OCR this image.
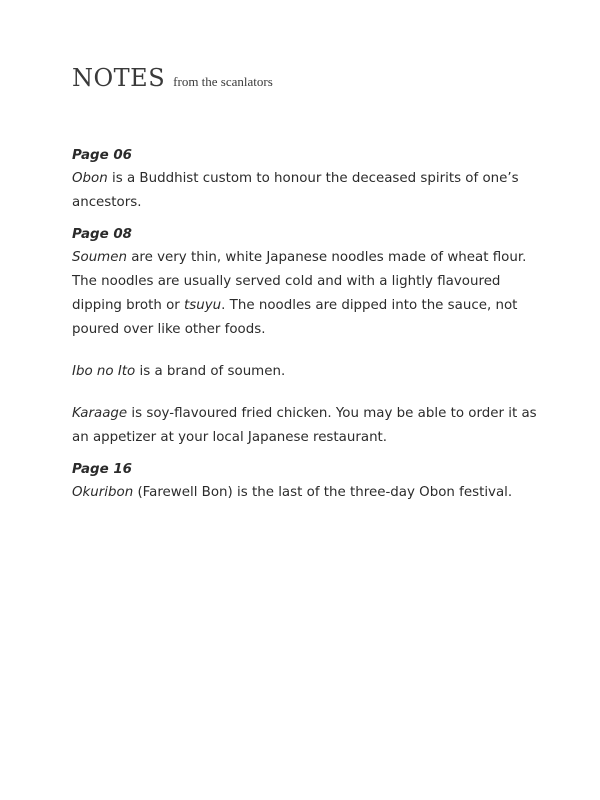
NOTES from the scanlators

Page 06

Obon is a Buddhist custom to honour the deceased spirits of one’s ancestors.

Page 08

Soumen are very thin, white Japanese noodles made of wheat flour. The noodles are usually served cold and with a lightly flavoured dipping broth or tsuyu. The noodles are dipped into the sauce, not poured over like other foods.

Ibo no Ito is a brand of soumen.

Karaage is soy-flavoured fried chicken. You may be able to order it as an appetizer at your local Japanese restaurant.

Page 16

Okuribon (Farewell Bon) is the last of the three-day Obon festival.
